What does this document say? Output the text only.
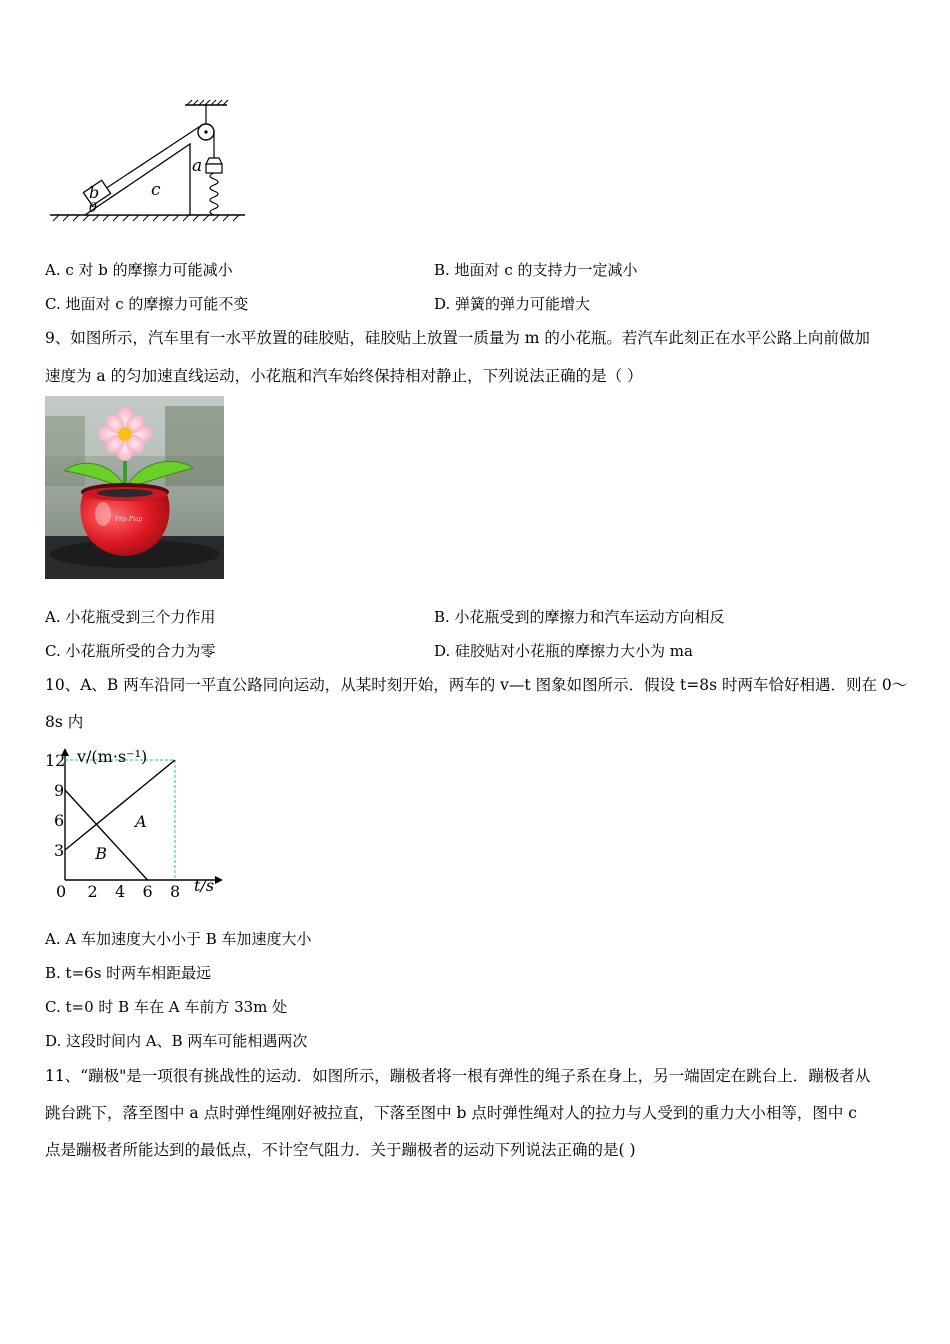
b	c
a
θ
A. c 对 b 的摩擦力可能减小	B. 地面对 c 的支持力一定减小
C. 地面对 c 的摩擦力可能不变	D. 弹簧的弹力可能增大
9、如图所示，汽车里有一水平放置的硅胶贴，硅胶贴上放置一质量为 m 的小花瓶。若汽车此刻正在水平公路上向前做加
速度为 a 的匀加速直线运动，小花瓶和汽车始终保持相对静止，下列说法正确的是（ ）
Flip Flap
A. 小花瓶受到三个力作用	B. 小花瓶受到的摩擦力和汽车运动方向相反
C. 小花瓶所受的合力为零	D. 硅胶贴对小花瓶的摩擦力大小为 ma
10、A、B 两车沿同一平直公路同向运动，从某时刻开始，两车的 v—t 图象如图所示．假设 t=8s 时两车恰好相遇．则在 0～
8s 内
A
B
0 2 4 6 8
3
6
9
12 v/(m·s⁻¹)
t/s
A. A 车加速度大小小于 B 车加速度大小
B. t=6s 时两车相距最远
C. t=0 时 B 车在 A 车前方 33m 处
D. 这段时间内 A、B 两车可能相遇两次
11、“蹦极"是一项很有挑战性的运动．如图所示，蹦极者将一根有弹性的绳子系在身上，另一端固定在跳台上．蹦极者从
跳台跳下，落至图中 a 点时弹性绳刚好被拉直，下落至图中 b 点时弹性绳对人的拉力与人受到的重力大小相等，图中 c
点是蹦极者所能达到的最低点，不计空气阻力．关于蹦极者的运动下列说法正确的是( )
